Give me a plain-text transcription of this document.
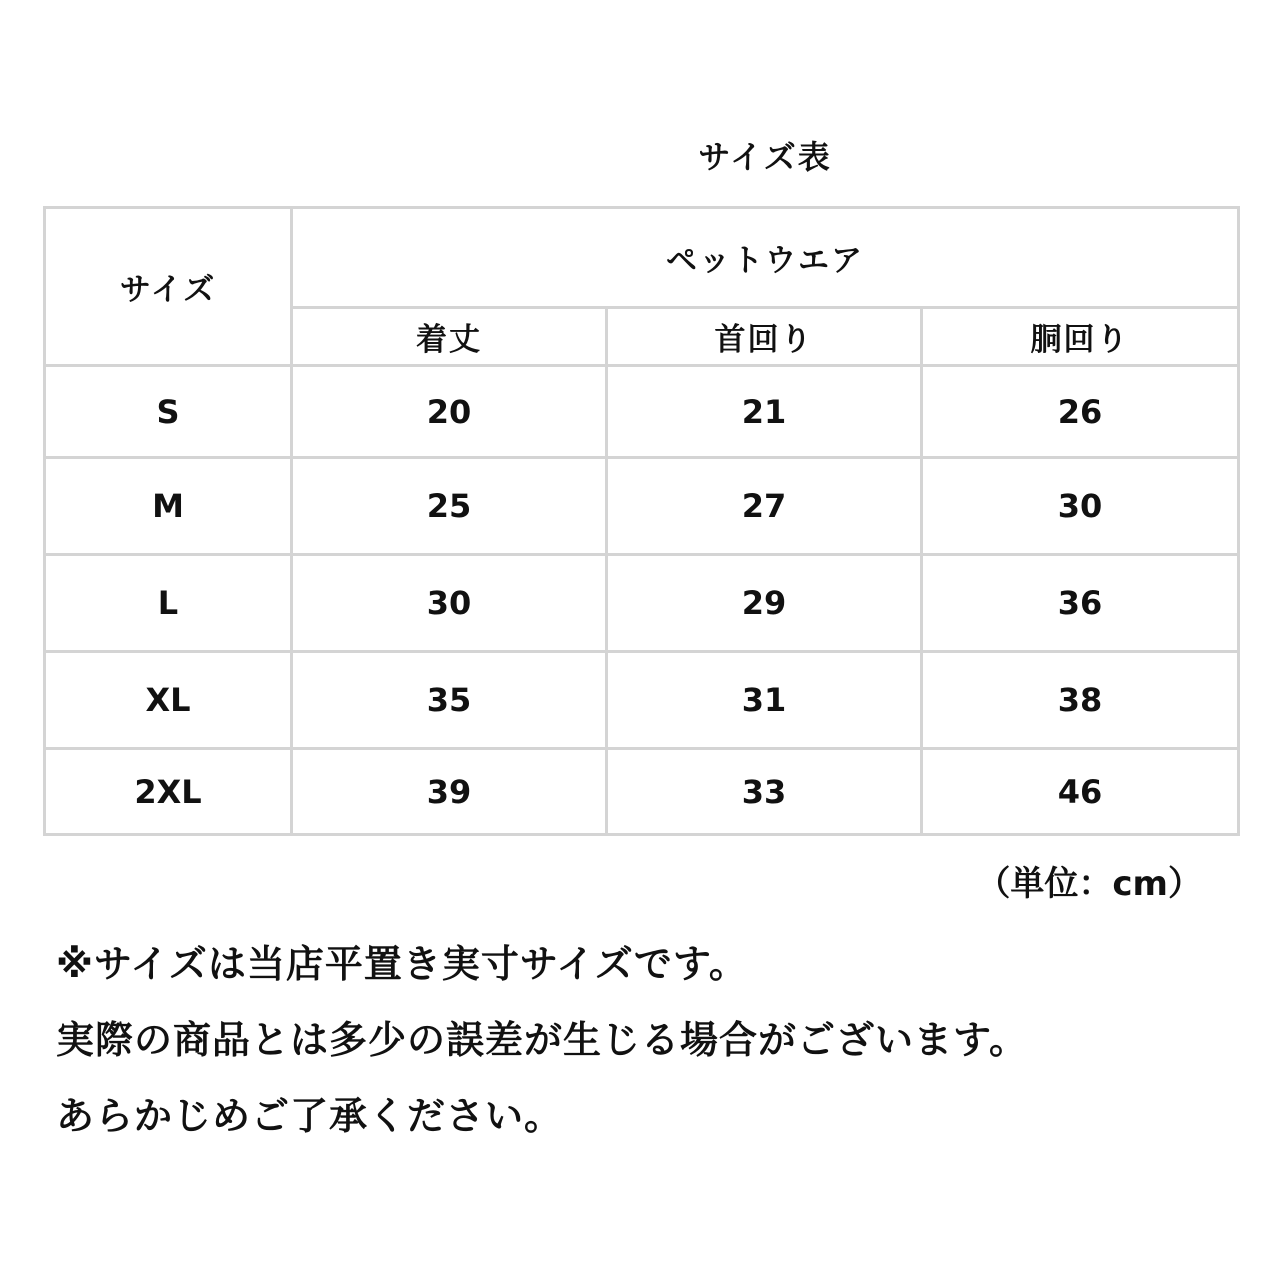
サイズ表
サイズ	ペットウエア		
	着丈	首回り	胴回り
S	20	21	26
M	25	27	30
L	30	29	36
XL	35	31	38
2XL	39	33	46
（単位：cm）
※サイズは当店平置き実寸サイズです。
実際の商品とは多少の誤差が生じる場合がございます。
あらかじめご了承ください。
